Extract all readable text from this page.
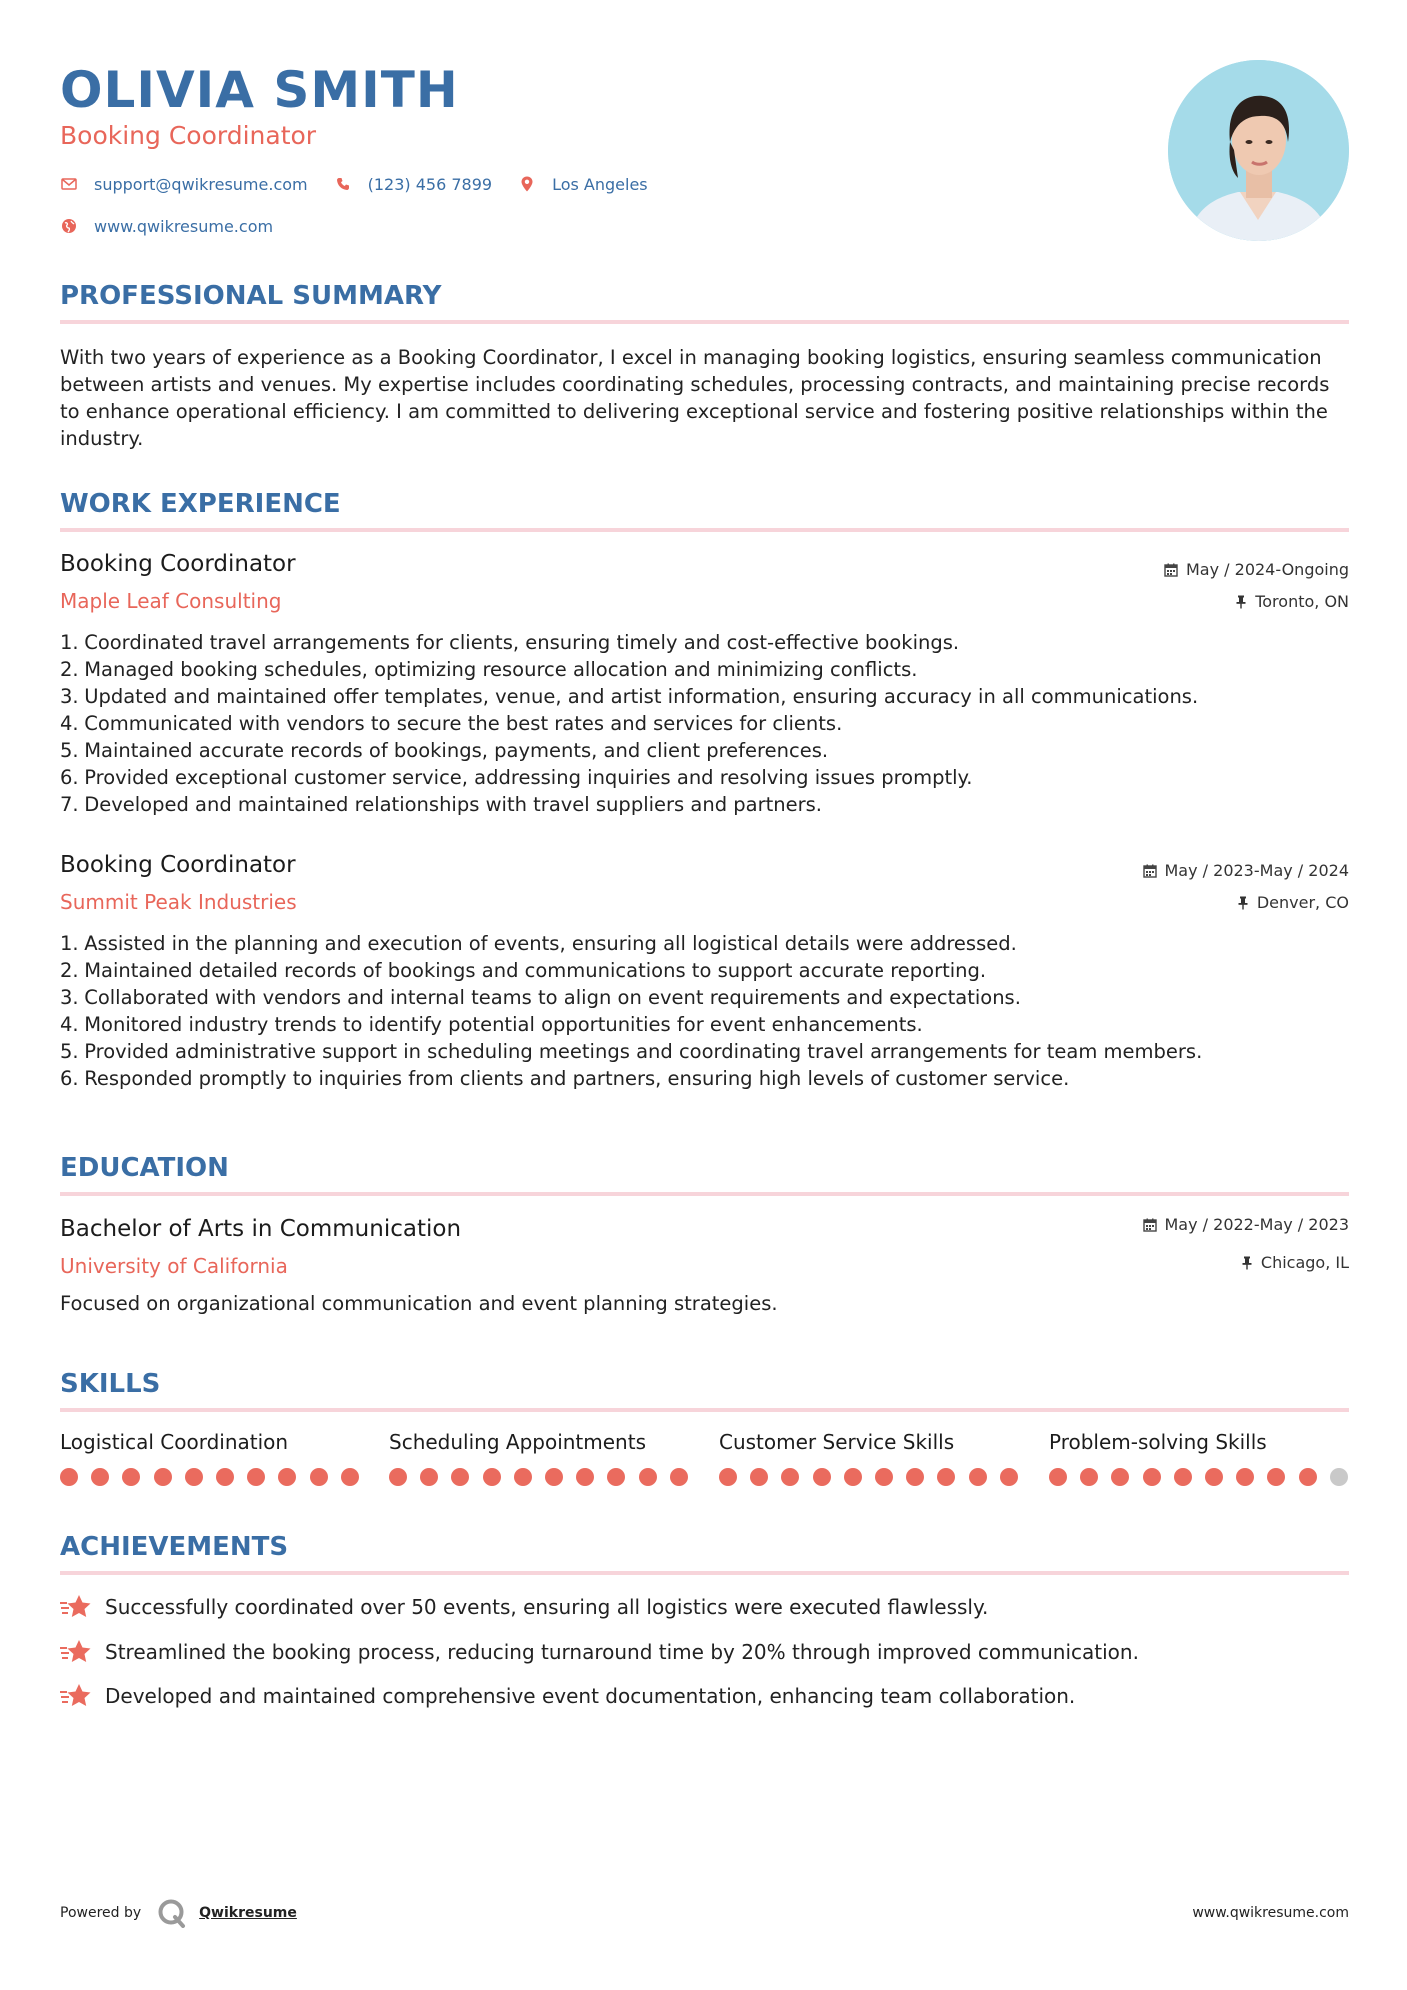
OLIVIA SMITH
Booking Coordinator
support@qwikresume.com	(123) 456 7899	Los Angeles
www.qwikresume.com
PROFESSIONAL SUMMARY
With two years of experience as a Booking Coordinator, I excel in managing booking logistics, ensuring seamless communication between artists and venues. My expertise includes coordinating schedules, processing contracts, and maintaining precise records to enhance operational efficiency. I am committed to delivering exceptional service and fostering positive relationships within the industry.
WORK EXPERIENCE
Booking Coordinator
Maple Leaf Consulting
May / 2024-Ongoing
Toronto, ON
1.
Coordinated travel arrangements for clients, ensuring timely and cost-effective bookings.
2.
Managed booking schedules, optimizing resource allocation and minimizing conflicts.
3.
Updated and maintained offer templates, venue, and artist information, ensuring accuracy in all communications.
4.
Communicated with vendors to secure the best rates and services for clients.
5.
Maintained accurate records of bookings, payments, and client preferences.
6.
Provided exceptional customer service, addressing inquiries and resolving issues promptly.
7.
Developed and maintained relationships with travel suppliers and partners.
Booking Coordinator
Summit Peak Industries
May / 2023-May / 2024
Denver, CO
1.
Assisted in the planning and execution of events, ensuring all logistical details were addressed.
2.
Maintained detailed records of bookings and communications to support accurate reporting.
3.
Collaborated with vendors and internal teams to align on event requirements and expectations.
4.
Monitored industry trends to identify potential opportunities for event enhancements.
5.
Provided administrative support in scheduling meetings and coordinating travel arrangements for team members.
6.
Responded promptly to inquiries from clients and partners, ensuring high levels of customer service.
EDUCATION
Bachelor of Arts in Communication
University of California
May / 2022-May / 2023
Chicago, IL
Focused on organizational communication and event planning strategies.
SKILLS
Logistical Coordination	Scheduling Appointments	Customer Service Skills	Problem-solving Skills
ACHIEVEMENTS
Successfully coordinated over 50 events, ensuring all logistics were executed flawlessly.
Streamlined the booking process, reducing turnaround time by 20% through improved communication.
Developed and maintained comprehensive event documentation, enhancing team collaboration.
Powered by	Qwikresume	www.qwikresume.com
